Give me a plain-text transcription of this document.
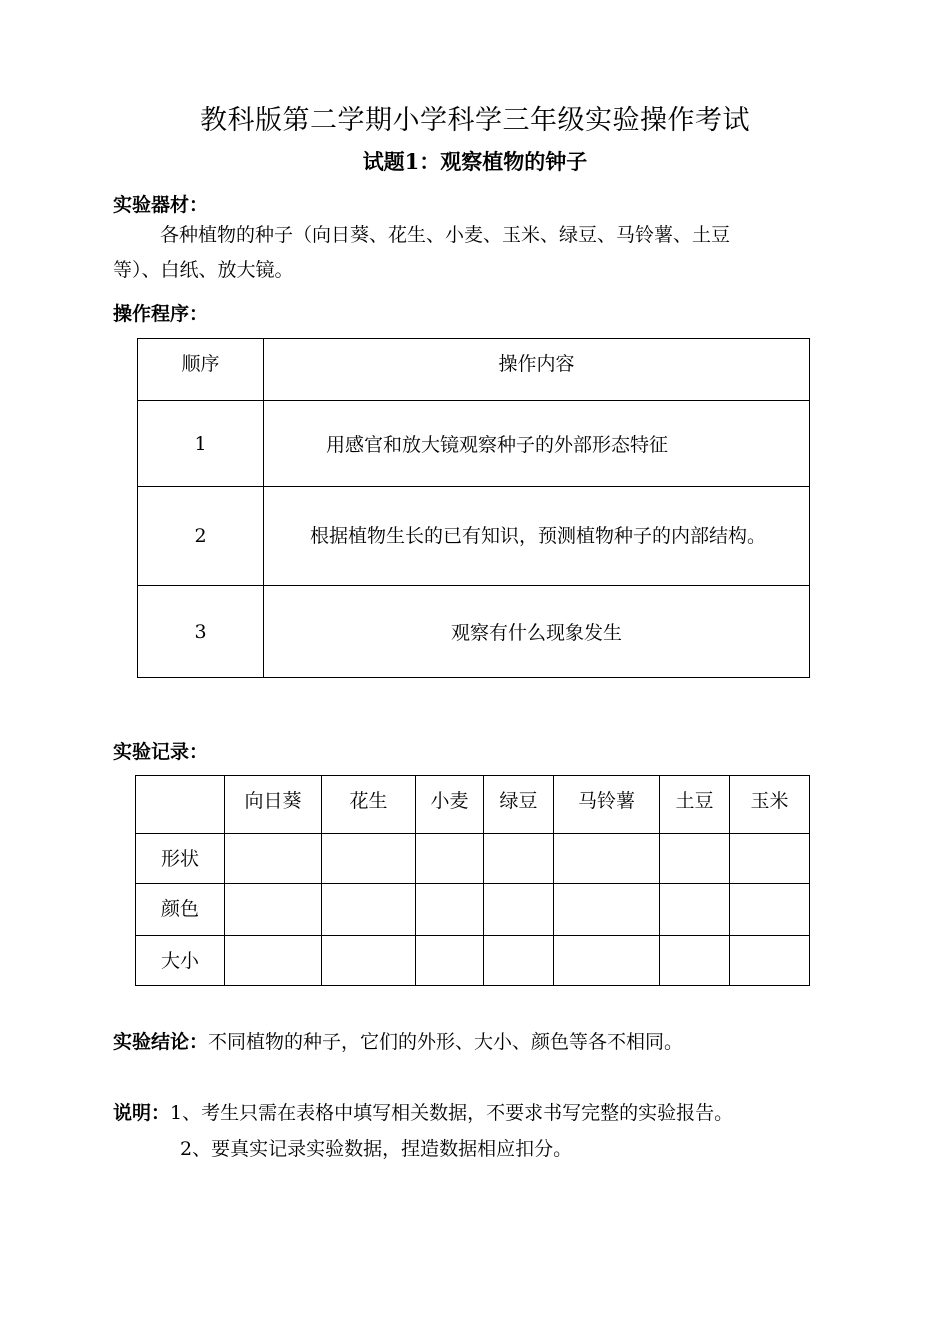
教科版第二学期小学科学三年级实验操作考试
试题1：观察植物的钟子
实验器材：
各种植物的种子（向日葵、花生、小麦、玉米、绿豆、马铃薯、土豆
等）、白纸、放大镜。
操作程序：
顺序	操作内容
1	用感官和放大镜观察种子的外部形态特征
2	根据植物生长的已有知识，预测植物种子的内部结构。
3	观察有什么现象发生
实验记录：
	向日葵	花生	小麦	绿豆	马铃薯	土豆	玉米
形状							
颜色							
大小							
实验结论：不同植物的种子，它们的外形、大小、颜色等各不相同。
说明：1、考生只需在表格中填写相关数据，不要求书写完整的实验报告。
2、要真实记录实验数据，捏造数据相应扣分。
